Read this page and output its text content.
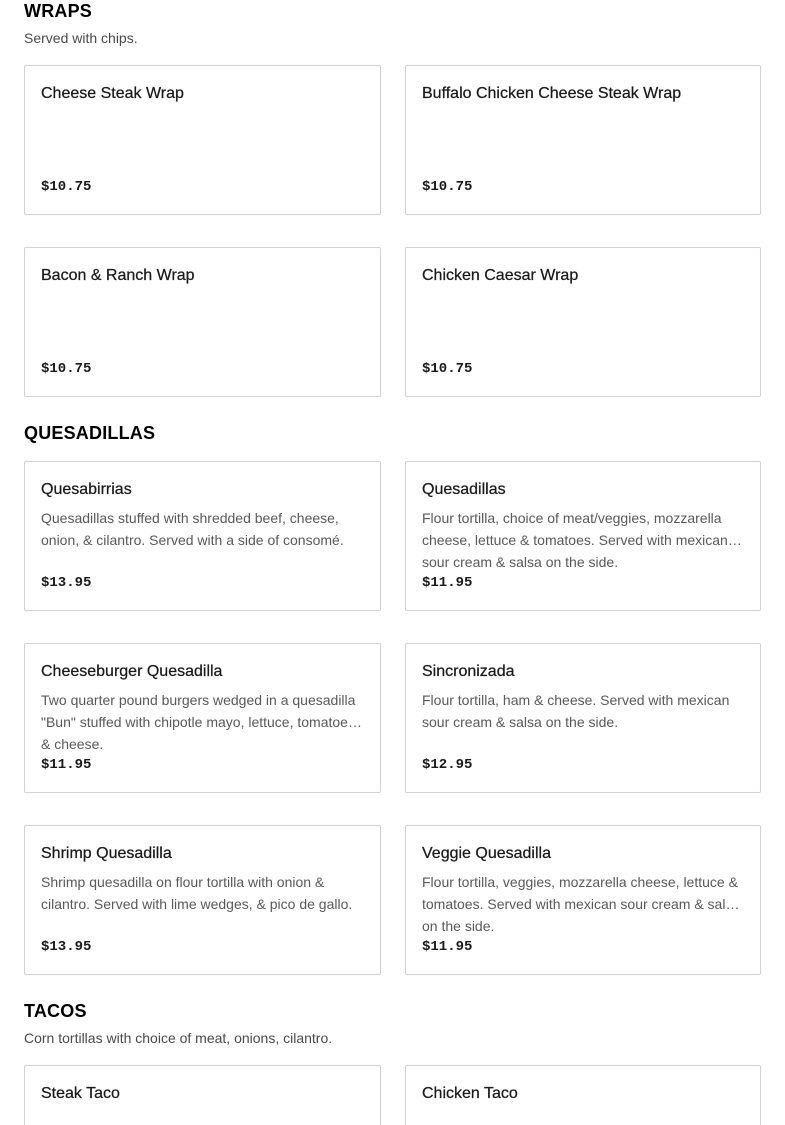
WRAPS

Served with chips.

Cheese Steak Wrap
$10.75
Buffalo Chicken Cheese Steak Wrap
$10.75
Bacon & Ranch Wrap
$10.75
Chicken Caesar Wrap
$10.75
QUESADILLAS
Quesabirrias
Quesadillas stuffed with shredded beef, cheese, onion, & cilantro. Served with a side of consomé.
$13.95
Quesadillas
Flour tortilla, choice of meat/veggies, mozzarella cheese, lettuce & tomatoes. Served with mexican sour cream & salsa on the side.
$11.95
Cheeseburger Quesadilla
Two quarter pound burgers wedged in a quesadilla "Bun" stuffed with chipotle mayo, lettuce, tomatoes & cheese.
$11.95
Sincronizada
Flour tortilla, ham & cheese. Served with mexican sour cream & salsa on the side.
$12.95
Shrimp Quesadilla
Shrimp quesadilla on flour tortilla with onion & cilantro. Served with lime wedges, & pico de gallo.
$13.95
Veggie Quesadilla
Flour tortilla, veggies, mozzarella cheese, lettuce & tomatoes. Served with mexican sour cream & salsa on the side.
$11.95
TACOS

Corn tortillas with choice of meat, onions, cilantro.

Steak Taco	Chicken Taco
